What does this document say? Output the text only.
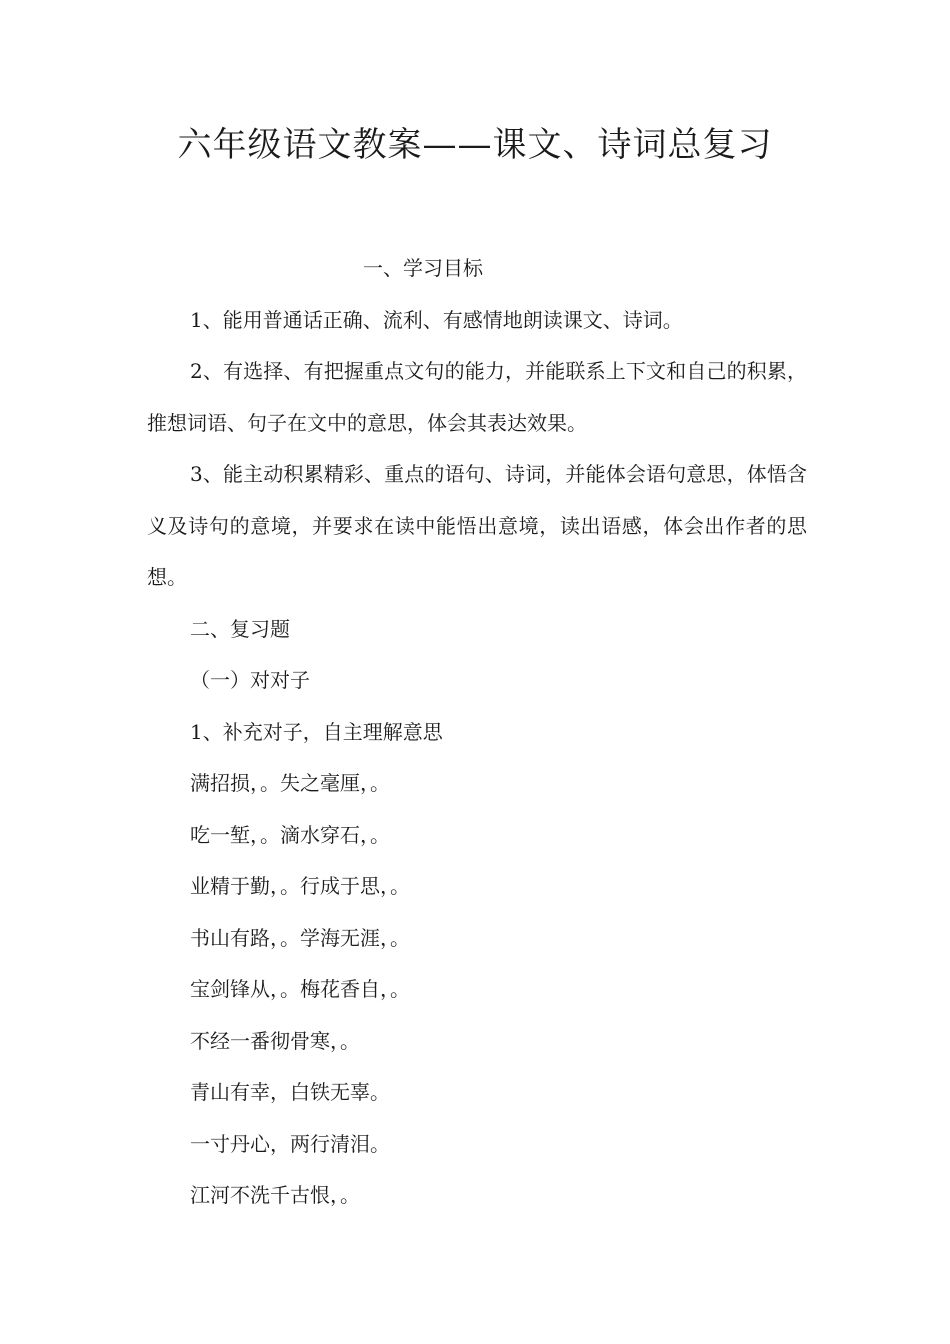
六年级语文教案——课文、诗词总复习

一、学习目标

1、能用普通话正确、流利、有感情地朗读课文、诗词。

2、有选择、有把握重点文句的能力，并能联系上下文和自己的积累，推想词语、句子在文中的意思，体会其表达效果。

3、能主动积累精彩、重点的语句、诗词，并能体会语句意思，体悟含义及诗句的意境，并要求在读中能悟出意境，读出语感，体会出作者的思想。

二、复习题

（一）对对子

1、补充对子，自主理解意思

满招损，。失之毫厘，。

吃一堑，。滴水穿石，。

业精于勤，。行成于思，。

书山有路，。学海无涯，。

宝剑锋从，。梅花香自，。

不经一番彻骨寒，。

青山有幸，白铁无辜。

一寸丹心，两行清泪。

江河不洗千古恨，。
